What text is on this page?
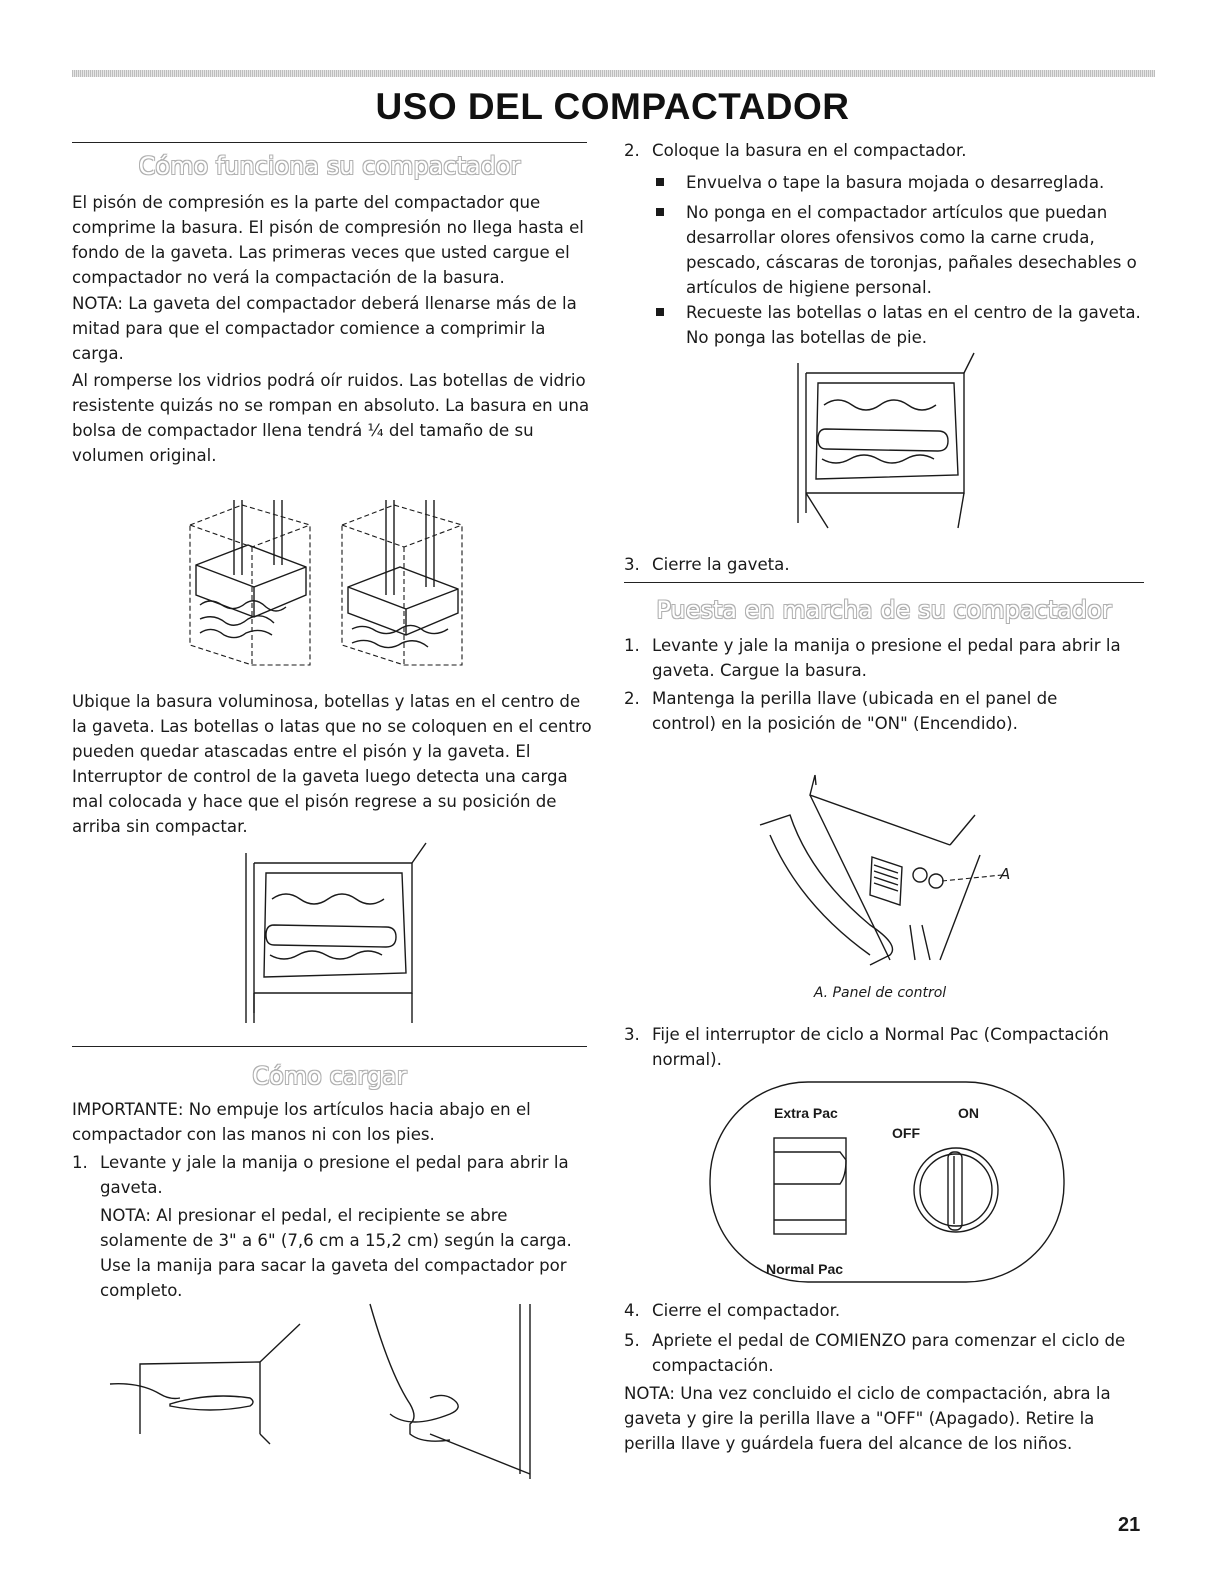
USO DEL COMPACTADOR
Cómo funciona su compactador

El pisón de compresión es la parte del compactador que comprime la basura. El pisón de compresión no llega hasta el fondo de la gaveta. Las primeras veces que usted cargue el compactador no verá la compactación de la basura.

NOTA: La gaveta del compactador deberá llenarse más de la mitad para que el compactador comience a comprimir la carga.

Al romperse los vidrios podrá oír ruidos. Las botellas de vidrio resistente quizás no se rompan en absoluto. La basura en una bolsa de compactador llena tendrá ¼ del tamaño de su volumen original.

Ubique la basura voluminosa, botellas y latas en el centro de la gaveta. Las botellas o latas que no se coloquen en el centro pueden quedar atascadas entre el pisón y la gaveta. El Interruptor de control de la gaveta luego detecta una carga mal colocada y hace que el pisón regrese a su posición de arriba sin compactar.

Cómo cargar

IMPORTANTE: No empuje los artículos hacia abajo en el compactador con las manos ni con los pies.

1. Levante y jale la manija o presione el pedal para abrir la gaveta.

NOTA: Al presionar el pedal, el recipiente se abre solamente de 3" a 6" (7,6 cm a 15,2 cm) según la carga. Use la manija para sacar la gaveta del compactador por completo.

2. Coloque la basura en el compactador.
Envuelva o tape la basura mojada o desarreglada.
No ponga en el compactador artículos que puedan desarrollar olores ofensivos como la carne cruda, pescado, cáscaras de toronjas, pañales desechables o artículos de higiene personal.
Recueste las botellas o latas en el centro de la gaveta. No ponga las botellas de pie.
3. Cierre la gaveta.
Puesta en marcha de su compactador
1. Levante y jale la manija o presione el pedal para abrir la gaveta. Cargue la basura.
2. Mantenga la perilla llave (ubicada en el panel de control) en la posición de "ON" (Encendido).
A
A. Panel de control
3. Fije el interruptor de ciclo a Normal Pac (Compactación normal).
Extra Pac	ON
OFF
Normal Pac
4. Cierre el compactador.
5. Apriete el pedal de COMIENZO para comenzar el ciclo de compactación.

NOTA: Una vez concluido el ciclo de compactación, abra la gaveta y gire la perilla llave a "OFF" (Apagado). Retire la perilla llave y guárdela fuera del alcance de los niños.

21
